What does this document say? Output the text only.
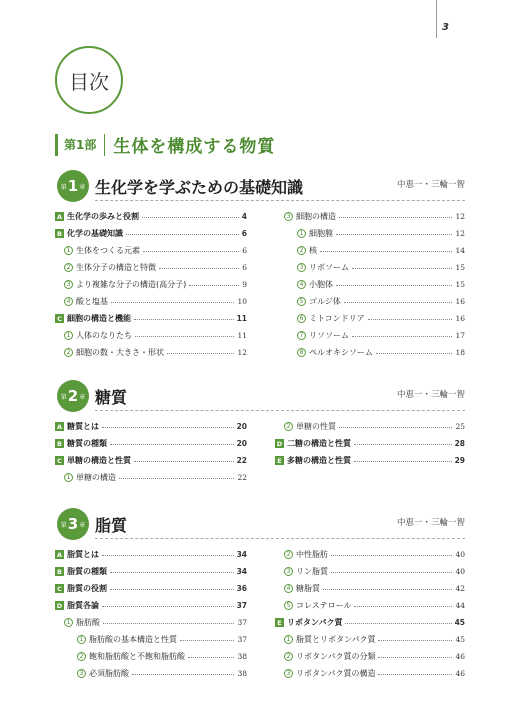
3
目次
第1部 生体を構成する物質
第 1 章 生化学を学ぶための基礎知識	中恵一・三輪一智
A 生化学の歩みと役割	4
B 化学の基礎知識	6
1 生体をつくる元素	6
2 生体分子の構造と特徴	6
3 より複雑な分子の構造(高分子)	9
4 酸と塩基	10
C 細胞の構造と機能	11
1 人体のなりたち	11
2 細胞の数・大きさ・形状	12
3 細胞の構造	12
1 細胞膜	12
2 核	14
3 リボソーム	15
4 小胞体	15
5 ゴルジ体	16
6 ミトコンドリア	16
7 リソソーム	17
8 ペルオキシソーム	18
第 2 章 糖質	中恵一・三輪一智
A 糖質とは	20
B 糖質の種類	20
C 単糖の構造と性質	22
1 単糖の構造	22
2 単糖の性質	25
D 二糖の構造と性質	28
E 多糖の構造と性質	29
第 3 章 脂質	中恵一・三輪一智
A 脂質とは	34
B 脂質の種類	34
C 脂質の役割	36
D 脂質各論	37
1 脂肪酸	37
1 脂肪酸の基本構造と性質	37
2 飽和脂肪酸と不飽和脂肪酸	38
3 必須脂肪酸	38
2 中性脂肪	40
3 リン脂質	40
4 糖脂質	42
5 コレステロール	44
E リポタンパク質	45
1 脂質とリポタンパク質	45
2 リポタンパク質の分類	46
3 リポタンパク質の構造	46
